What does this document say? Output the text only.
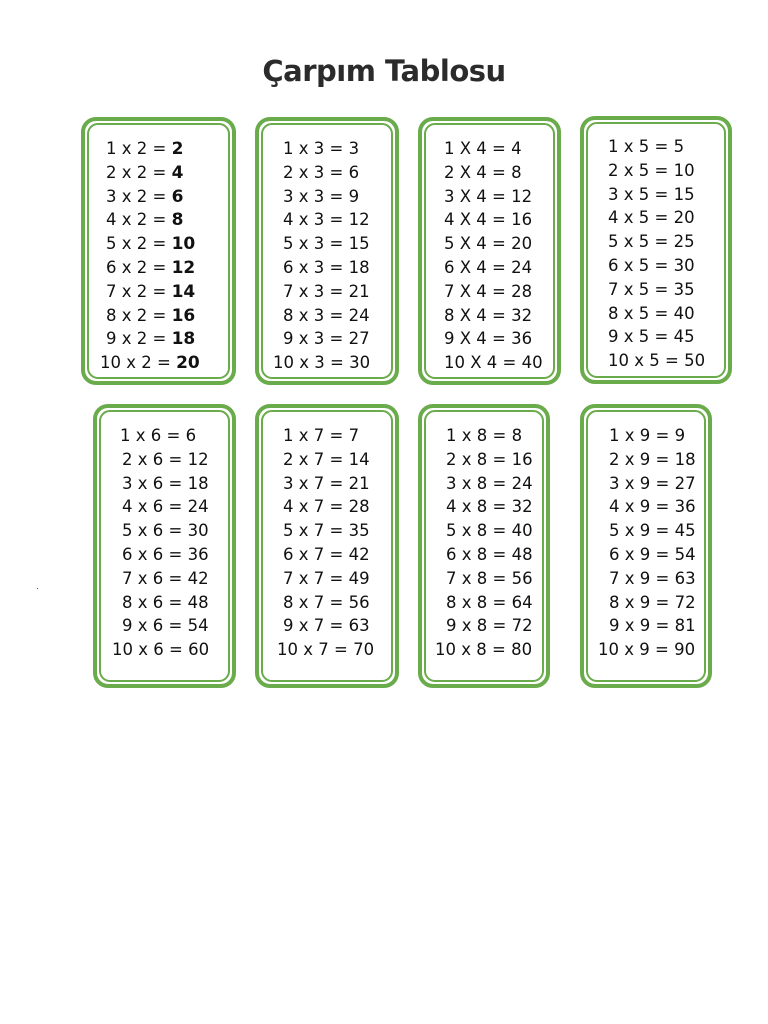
Çarpım Tablosu
1 x 2 = 2
2 x 2 = 4
3 x 2 = 6
4 x 2 = 8
5 x 2 = 10
6 x 2 = 12
7 x 2 = 14
8 x 2 = 16
9 x 2 = 18
10 x 2 = 20
1 x 3 = 3
2 x 3 = 6
3 x 3 = 9
4 x 3 = 12
5 x 3 = 15
6 x 3 = 18
7 x 3 = 21
8 x 3 = 24
9 x 3 = 27
10 x 3 = 30
1 X 4 = 4
2 X 4 = 8
3 X 4 = 12
4 X 4 = 16
5 X 4 = 20
6 X 4 = 24
7 X 4 = 28
8 X 4 = 32
9 X 4 = 36
10 X 4 = 40
1 x 5 = 5
2 x 5 = 10
3 x 5 = 15
4 x 5 = 20
5 x 5 = 25
6 x 5 = 30
7 x 5 = 35
8 x 5 = 40
9 x 5 = 45
10 x 5 = 50
1 x 6 = 6
2 x 6 = 12
3 x 6 = 18
4 x 6 = 24
5 x 6 = 30
6 x 6 = 36
7 x 6 = 42
8 x 6 = 48
9 x 6 = 54
10 x 6 = 60
1 x 7 = 7
2 x 7 = 14
3 x 7 = 21
4 x 7 = 28
5 x 7 = 35
6 x 7 = 42
7 x 7 = 49
8 x 7 = 56
9 x 7 = 63
10 x 7 = 70
1 x 8 = 8
2 x 8 = 16
3 x 8 = 24
4 x 8 = 32
5 x 8 = 40
6 x 8 = 48
7 x 8 = 56
8 x 8 = 64
9 x 8 = 72
10 x 8 = 80
1 x 9 = 9
2 x 9 = 18
3 x 9 = 27
4 x 9 = 36
5 x 9 = 45
6 x 9 = 54
7 x 9 = 63
8 x 9 = 72
9 x 9 = 81
10 x 9 = 90
